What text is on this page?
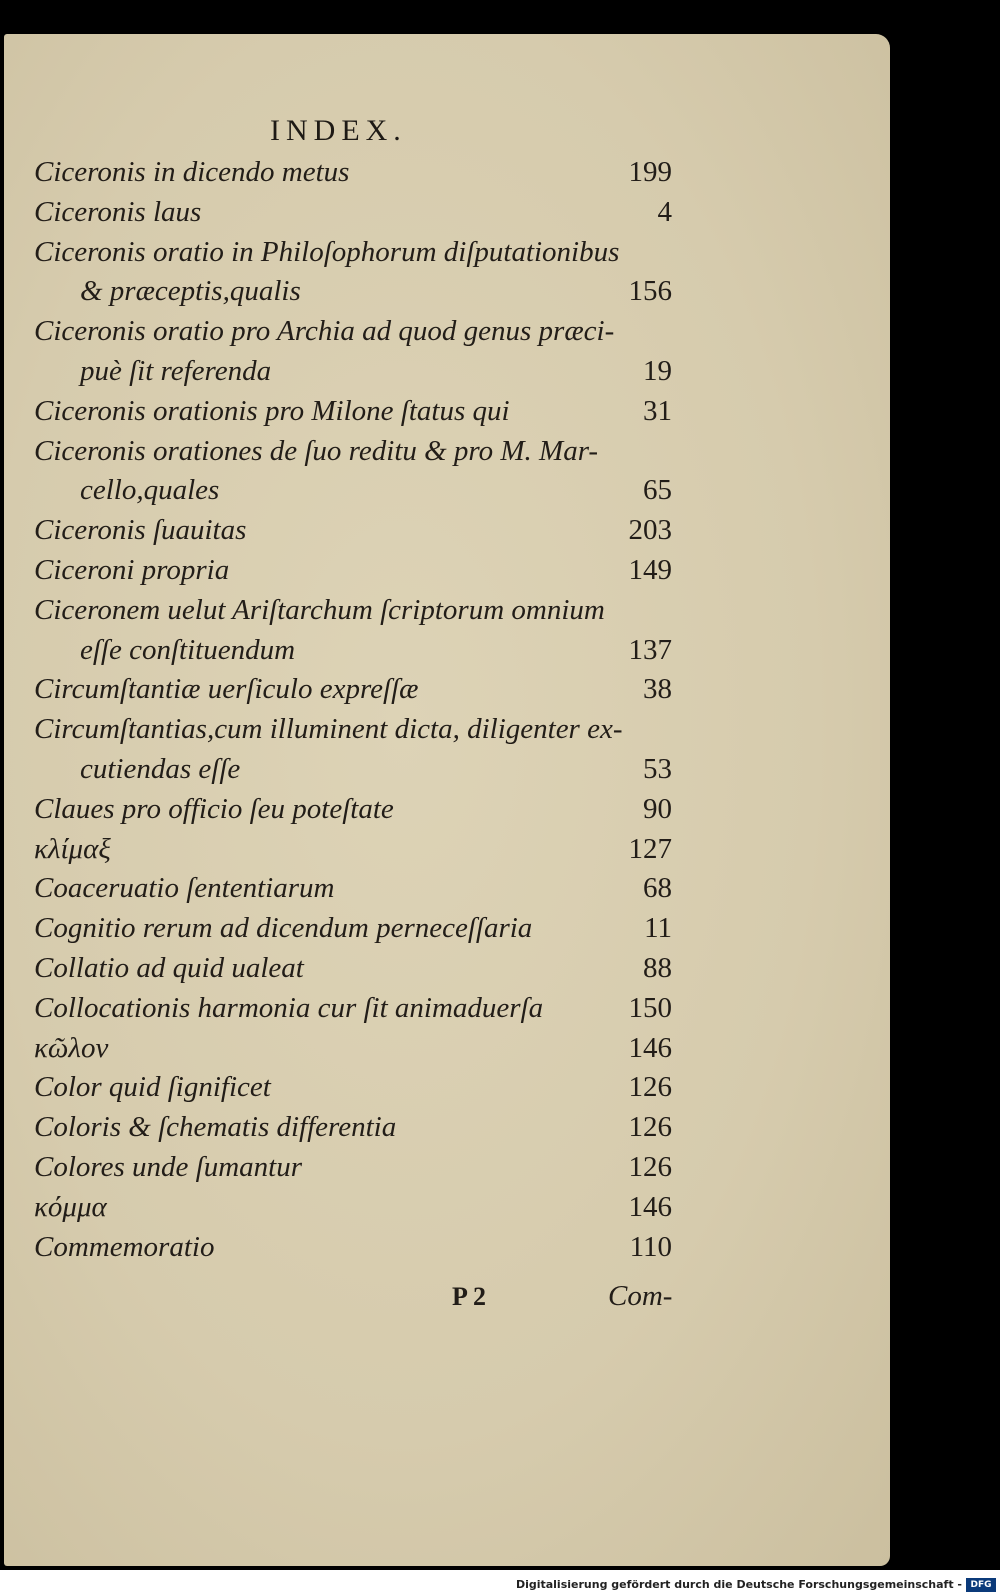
INDEX.
Ciceronis in dicendo metus	199
Ciceronis laus	4
Ciceronis oratio in Philoſophorum diſputationibus
& præceptis,qualis	156
Ciceronis oratio pro Archia ad quod genus præci-
puè ſit referenda	19
Ciceronis orationis pro Milone ſtatus qui	31
Ciceronis orationes de ſuo reditu & pro M. Mar-
cello,quales	65
Ciceronis ſuauitas	203
Ciceroni propria	149
Ciceronem uelut Ariſtarchum ſcriptorum omnium
eſſe conſtituendum	137
Circumſtantiæ uerſiculo expreſſæ	38
Circumſtantias,cum illuminent dicta, diligenter ex-
cutiendas eſſe	53
Claues pro officio ſeu poteſtate	90
κλίμαξ	127
Coaceruatio ſententiarum	68
Cognitio rerum ad dicendum perneceſſaria	11
Collatio ad quid ualeat	88
Collocationis harmonia cur ſit animaduerſa	150
κῶλον	146
Color quid ſignificet	126
Coloris & ſchematis differentia	126
Colores unde ſumantur	126
κόμμα	146
Commemoratio	110
P 2	Com-
Digitalisierung gefördert durch die Deutsche Forschungsgemeinschaft - DFG
